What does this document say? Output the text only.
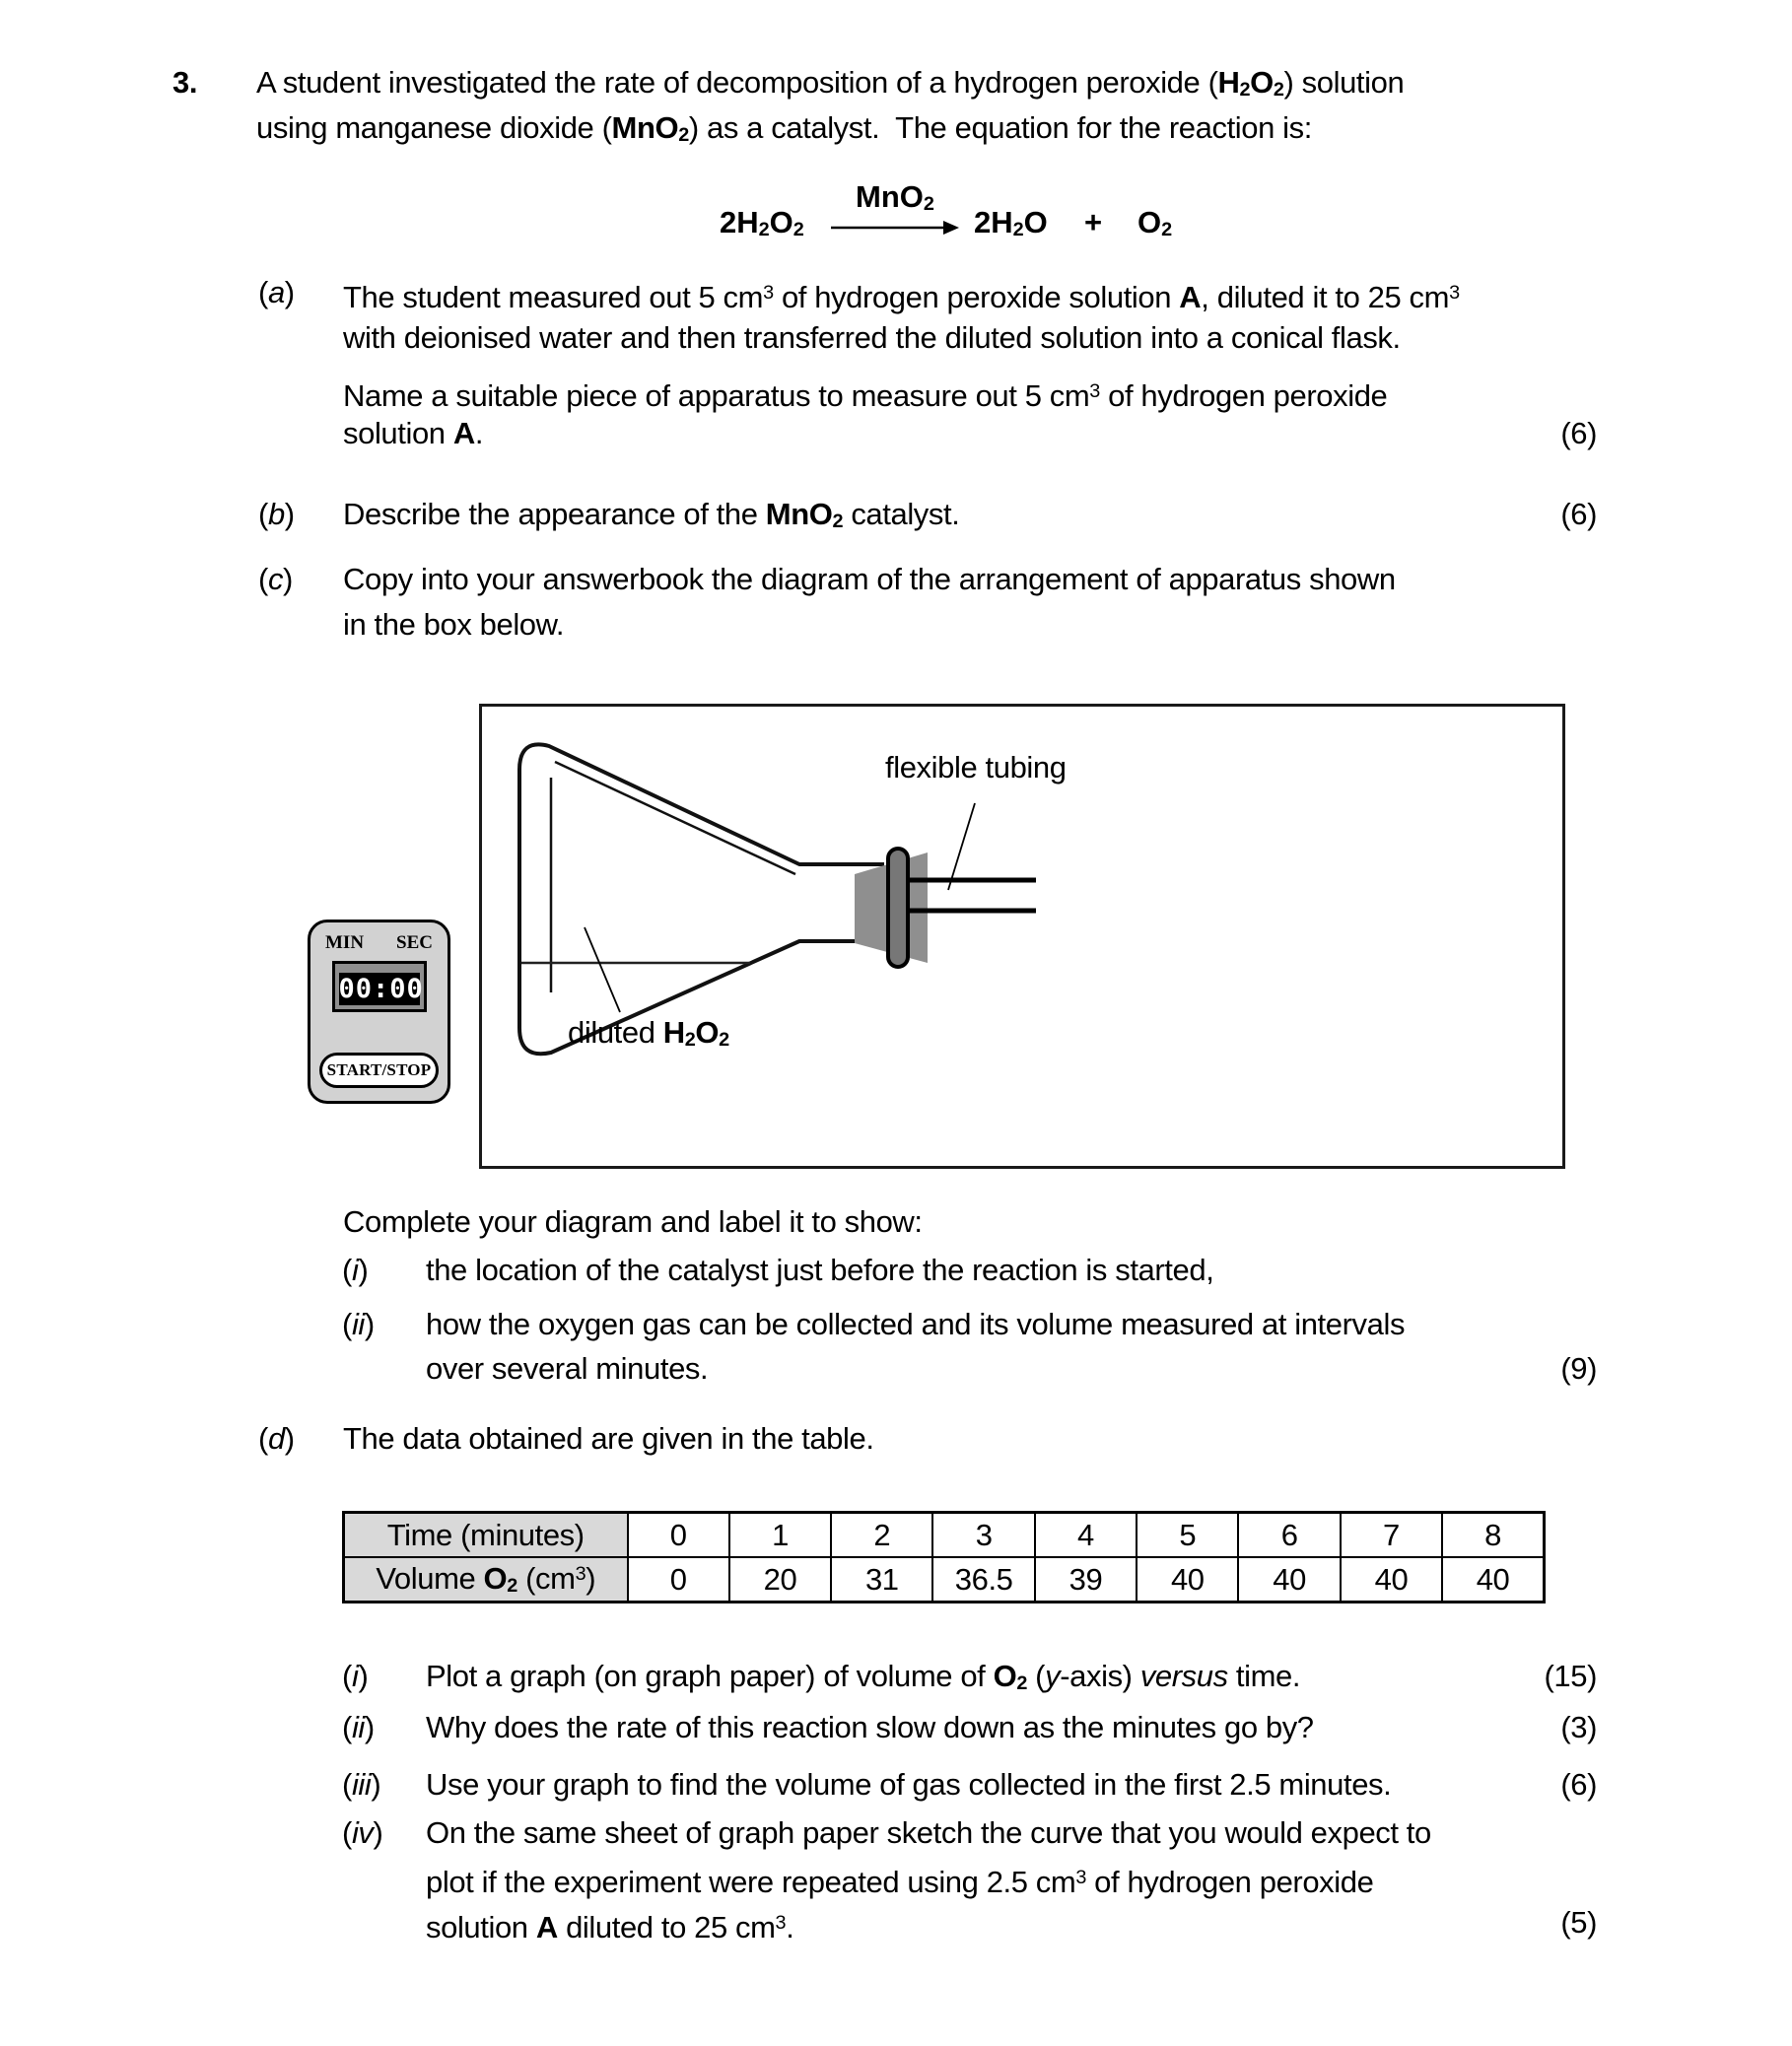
3. A student investigated the rate of decomposition of a hydrogen peroxide (H2O2) solution
using manganese dioxide (MnO2) as a catalyst.  The equation for the reaction is:
MnO2
2H2O2	2H2O + O2
(a) The student measured out 5 $cm^3$ of hydrogen peroxide solution A, diluted it to 25 $cm^3$
with deionised water and then transferred the diluted solution into a conical flask.
Name a suitable piece of apparatus to measure out 5 $cm^3$ of hydrogen peroxide
solution A.	(6)
(b) Describe the appearance of the MnO2 catalyst.	(6)
(c) Copy into your answerbook the diagram of the arrangement of apparatus shown
in the box below.
flexible tubing
diluted H2O2
MIN SEC
00:00
START/STOP
Complete your diagram and label it to show:
(i) the location of the catalyst just before the reaction is started,
(ii) how the oxygen gas can be collected and its volume measured at intervals
over several minutes.	(9)
(d) The data obtained are given in the table.
Time (minutes)	0	1	2	3	4	5	6	7	8
Volume O2 $(cm^3)$	0	20	31	36.5	39	40	40	40	40
(i) Plot a graph (on graph paper) of volume of O2 (y-axis) versus time.	(15)
(ii) Why does the rate of this reaction slow down as the minutes go by?	(3)
(iii) Use your graph to find the volume of gas collected in the first 2.5 minutes.	(6)
(iv) On the same sheet of graph paper sketch the curve that you would expect to
plot if the experiment were repeated using 2.5 $cm^3$ of hydrogen peroxide
solution A diluted to 25 $cm^3$.	(5)
